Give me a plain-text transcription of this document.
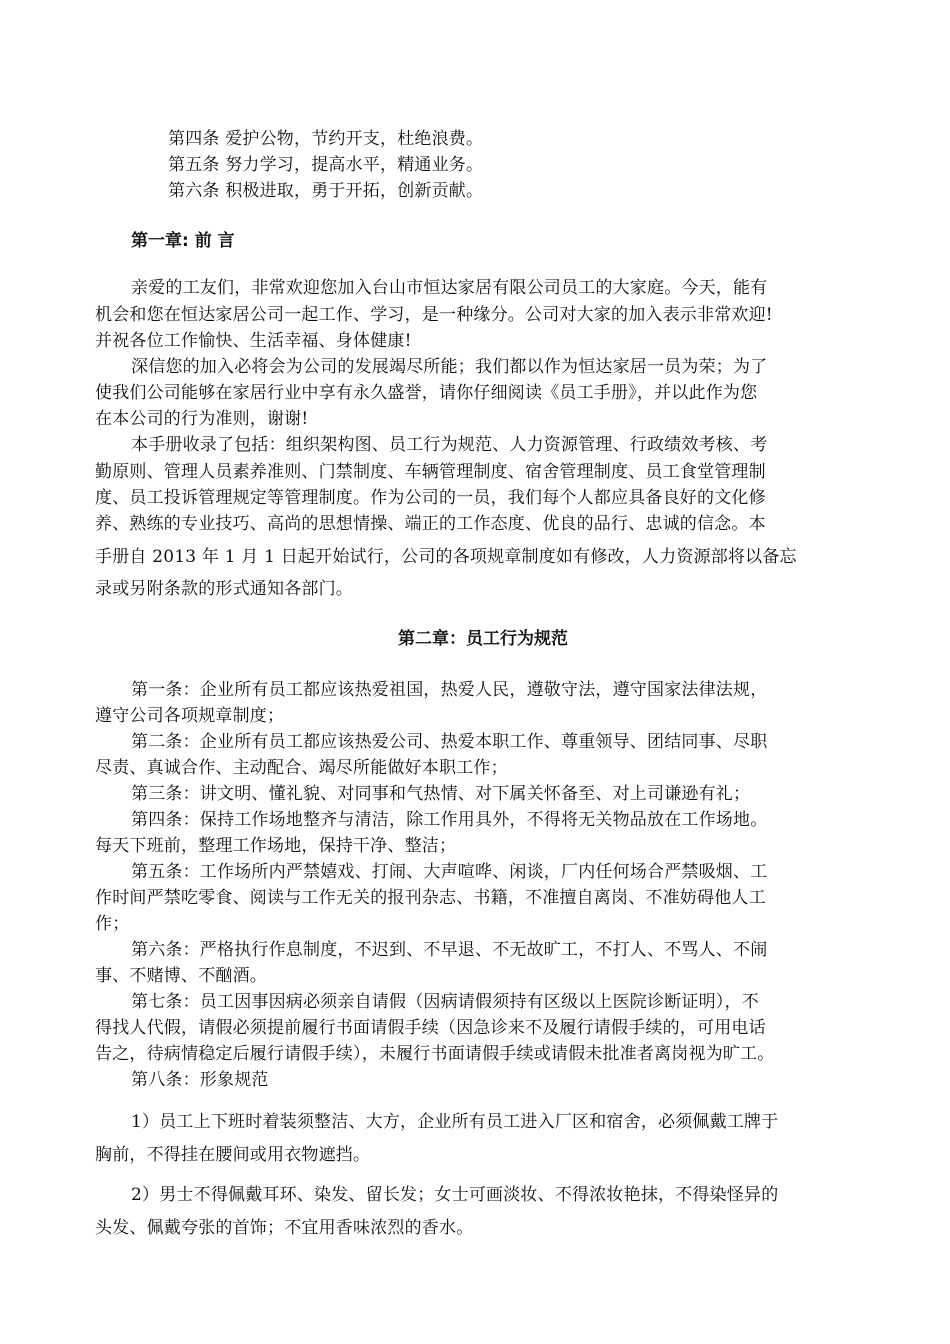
第四条 爱护公物，节约开支，杜绝浪费。
第五条 努力学习，提高水平，精通业务。
第六条 积极进取，勇于开拓，创新贡献。
第一章: 前 言
亲爱的工友们，非常欢迎您加入台山市恒达家居有限公司员工的大家庭。今天，能有
机会和您在恒达家居公司一起工作、学习，是一种缘分。公司对大家的加入表示非常欢迎!
并祝各位工作愉快、生活幸福、身体健康!
深信您的加入必将会为公司的发展竭尽所能；我们都以作为恒达家居一员为荣；为了
使我们公司能够在家居行业中享有永久盛誉，请你仔细阅读《员工手册》，并以此作为您
在本公司的行为准则，谢谢!
本手册收录了包括：组织架构图、员工行为规范、人力资源管理、行政绩效考核、考
勤原则、管理人员素养准则、门禁制度、车辆管理制度、宿舍管理制度、员工食堂管理制
度、员工投诉管理规定等管理制度。作为公司的一员，我们每个人都应具备良好的文化修
养、熟练的专业技巧、高尚的思想情操、端正的工作态度、优良的品行、忠诚的信念。本
手册自 2013 年 1 月 1 日起开始试行，公司的各项规章制度如有修改，人力资源部将以备忘
录或另附条款的形式通知各部门。
第二章：员工行为规范
第一条：企业所有员工都应该热爱祖国，热爱人民，遵敬守法，遵守国家法律法规，
遵守公司各项规章制度；
第二条：企业所有员工都应该热爱公司、热爱本职工作、尊重领导、团结同事、尽职
尽责、真诚合作、主动配合、竭尽所能做好本职工作；
第三条：讲文明、懂礼貌、对同事和气热情、对下属关怀备至、对上司谦逊有礼；
第四条：保持工作场地整齐与清洁，除工作用具外，不得将无关物品放在工作场地。
每天下班前，整理工作场地，保持干净、整洁；
第五条：工作场所内严禁嬉戏、打闹、大声喧哗、闲谈，厂内任何场合严禁吸烟、工
作时间严禁吃零食、阅读与工作无关的报刊杂志、书籍，不准擅自离岗、不准妨碍他人工
作；
第六条：严格执行作息制度，不迟到、不早退、不无故旷工，不打人、不骂人、不闹
事、不赌博、不酗酒。
第七条：员工因事因病必须亲自请假（因病请假须持有区级以上医院诊断证明），不
得找人代假，请假必须提前履行书面请假手续（因急诊来不及履行请假手续的，可用电话
告之，待病情稳定后履行请假手续），未履行书面请假手续或请假未批准者离岗视为旷工。
第八条：形象规范
1）员工上下班时着装须整洁、大方，企业所有员工进入厂区和宿舍，必须佩戴工牌于
胸前，不得挂在腰间或用衣物遮挡。
2）男士不得佩戴耳环、染发、留长发；女士可画淡妆、不得浓妆艳抹，不得染怪异的
头发、佩戴夸张的首饰；不宜用香味浓烈的香水。
